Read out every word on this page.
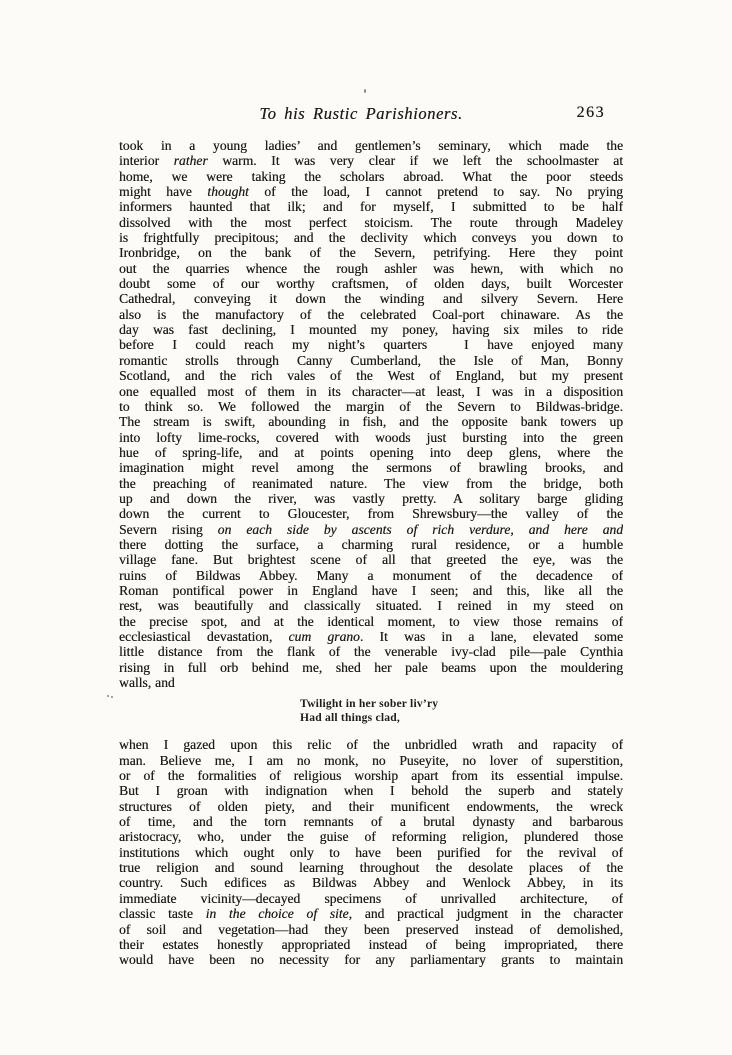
To his Rustic Parishioners.	263
took in a young ladies’ and gentlemen’s seminary, which made the
interior rather warm. It was very clear if we left the schoolmaster at
home, we were taking the scholars abroad. What the poor steeds
might have thought of the load, I cannot pretend to say. No prying
informers haunted that ilk; and for myself, I submitted to be half
dissolved with the most perfect stoicism. The route through Madeley
is frightfully precipitous; and the declivity which conveys you down to
Ironbridge, on the bank of the Severn, petrifying. Here they point
out the quarries whence the rough ashler was hewn, with which no
doubt some of our worthy craftsmen, of olden days, built Worcester
Cathedral, conveying it down the winding and silvery Severn. Here
also is the manufactory of the celebrated Coal-port chinaware. As the
day was fast declining, I mounted my poney, having six miles to ride
before I could reach my night’s quarters  I have enjoyed many
romantic strolls through Canny Cumberland, the Isle of Man, Bonny
Scotland, and the rich vales of the West of England, but my present
one equalled most of them in its character—at least, I was in a disposition
to think so. We followed the margin of the Severn to Bildwas-bridge.
The stream is swift, abounding in fish, and the opposite bank towers up
into lofty lime-rocks, covered with woods just bursting into the green
hue of spring-life, and at points opening into deep glens, where the
imagination might revel among the sermons of brawling brooks, and
the preaching of reanimated nature. The view from the bridge, both
up and down the river, was vastly pretty. A solitary barge gliding
down the current to Gloucester, from Shrewsbury—the valley of the
Severn rising on each side by ascents of rich verdure, and here and
there dotting the surface, a charming rural residence, or a humble
village fane. But brightest scene of all that greeted the eye, was the
ruins of Bildwas Abbey. Many a monument of the decadence of
Roman pontifical power in England have I seen; and this, like all the
rest, was beautifully and classically situated. I reined in my steed on
the precise spot, and at the identical moment, to view those remains of
ecclesiastical devastation, cum grano. It was in a lane, elevated some
little distance from the flank of the venerable ivy-clad pile—pale Cynthia
rising in full orb behind me, shed her pale beams upon the mouldering
walls, and
Twilight in her sober liv’ry
Had all things clad,
when I gazed upon this relic of the unbridled wrath and rapacity of
man. Believe me, I am no monk, no Puseyite, no lover of superstition,
or of the formalities of religious worship apart from its essential impulse.
But I groan with indignation when I behold the superb and stately
structures of olden piety, and their munificent endowments, the wreck
of time, and the torn remnants of a brutal dynasty and barbarous
aristocracy, who, under the guise of reforming religion, plundered those
institutions which ought only to have been purified for the revival of
true religion and sound learning throughout the desolate places of the
country. Such edifices as Bildwas Abbey and Wenlock Abbey, in its
immediate vicinity—decayed specimens of unrivalled architecture, of
classic taste in the choice of site, and practical judgment in the character
of soil and vegetation—had they been preserved instead of demolished,
their estates honestly appropriated instead of being impropriated, there
would have been no necessity for any parliamentary grants to maintain
